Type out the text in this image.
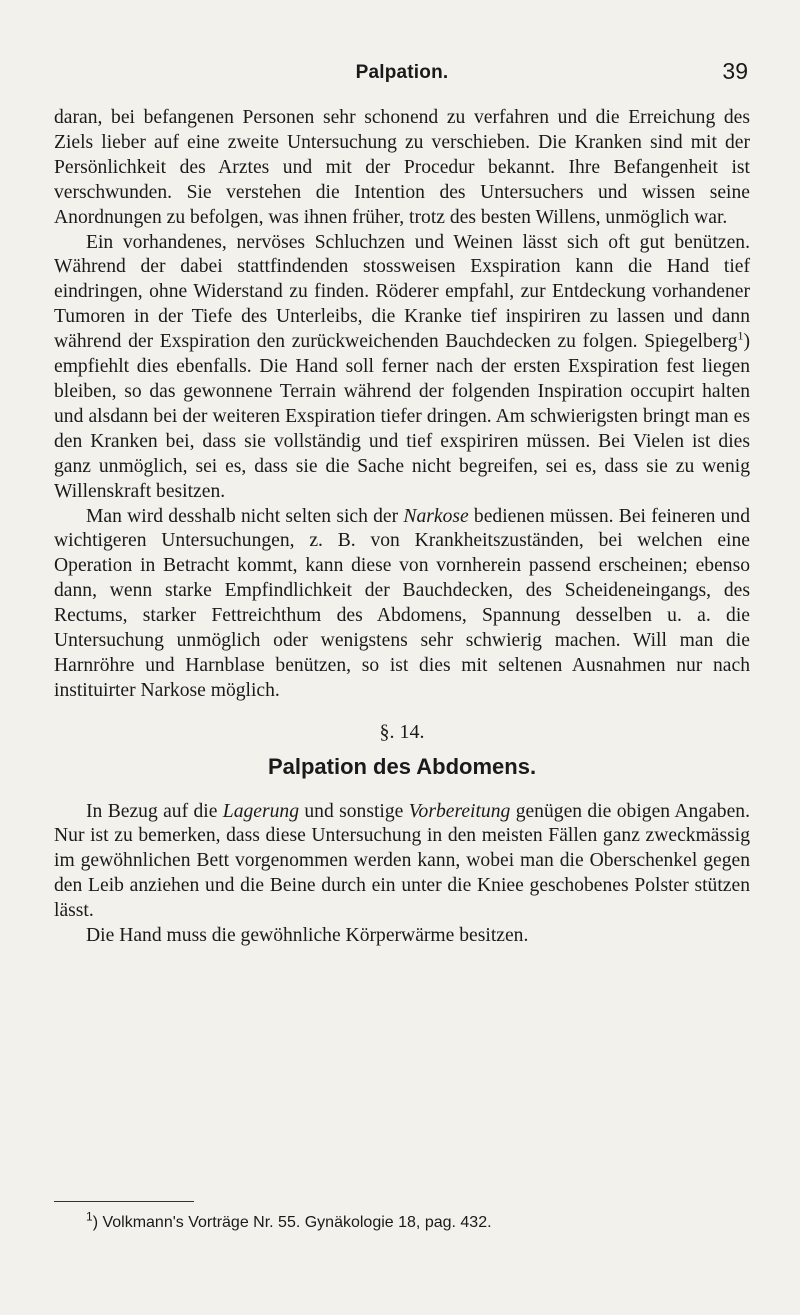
Palpation.	39

daran, bei befangenen Personen sehr schonend zu verfahren und die Erreichung des Ziels lieber auf eine zweite Untersuchung zu verschieben. Die Kranken sind mit der Persönlichkeit des Arztes und mit der Procedur bekannt. Ihre Befangenheit ist verschwunden. Sie verstehen die Intention des Untersuchers und wissen seine Anordnungen zu befolgen, was ihnen früher, trotz des besten Willens, unmöglich war.

Ein vorhandenes, nervöses Schluchzen und Weinen lässt sich oft gut benützen. Während der dabei stattfindenden stossweisen Exspiration kann die Hand tief eindringen, ohne Widerstand zu finden. Röderer empfahl, zur Entdeckung vorhandener Tumoren in der Tiefe des Unterleibs, die Kranke tief inspiriren zu lassen und dann während der Exspiration den zurückweichenden Bauchdecken zu folgen. Spiegelberg$^1$) empfiehlt dies ebenfalls. Die Hand soll ferner nach der ersten Exspiration fest liegen bleiben, so das gewonnene Terrain während der folgenden Inspiration occupirt halten und alsdann bei der weiteren Exspiration tiefer dringen. Am schwierigsten bringt man es den Kranken bei, dass sie vollständig und tief exspiriren müssen. Bei Vielen ist dies ganz unmöglich, sei es, dass sie die Sache nicht begreifen, sei es, dass sie zu wenig Willenskraft besitzen.

Man wird desshalb nicht selten sich der Narkose bedienen müssen. Bei feineren und wichtigeren Untersuchungen, z. B. von Krankheitszuständen, bei welchen eine Operation in Betracht kommt, kann diese von vornherein passend erscheinen; ebenso dann, wenn starke Empfindlichkeit der Bauchdecken, des Scheideneingangs, des Rectums, starker Fettreichthum des Abdomens, Spannung desselben u. a. die Untersuchung unmöglich oder wenigstens sehr schwierig machen. Will man die Harnröhre und Harnblase benützen, so ist dies mit seltenen Ausnahmen nur nach instituirter Narkose möglich.

§. 14.
Palpation des Abdomens.

In Bezug auf die Lagerung und sonstige Vorbereitung genügen die obigen Angaben. Nur ist zu bemerken, dass diese Untersuchung in den meisten Fällen ganz zweckmässig im gewöhnlichen Bett vorgenommen werden kann, wobei man die Oberschenkel gegen den Leib anziehen und die Beine durch ein unter die Kniee geschobenes Polster stützen lässt.

Die Hand muss die gewöhnliche Körperwärme besitzen.

$^1$) Volkmann's Vorträge Nr. 55. Gynäkologie 18, pag. 432.
